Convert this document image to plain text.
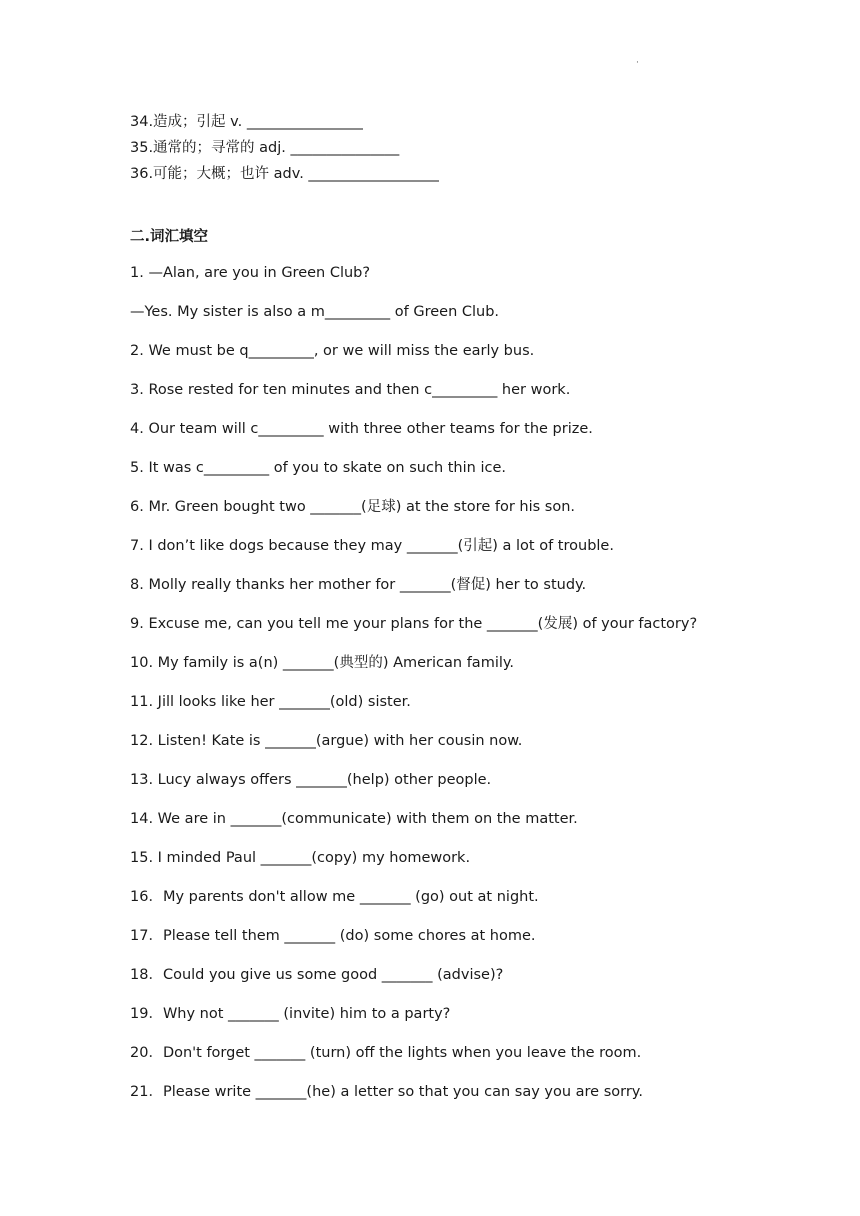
·
34.造成；引起 v. ________________
35.通常的；寻常的 adj. _______________
36.可能；大概；也许 adv. __________________
二.词汇填空
1. —Alan, are you in Green Club?
—Yes. My sister is also a m_________ of Green Club.
2. We must be q_________, or we will miss the early bus.
3. Rose rested for ten minutes and then c_________ her work.
4. Our team will c_________ with three other teams for the prize.
5. It was c_________ of you to skate on such thin ice.
6. Mr. Green bought two _______(足球) at the store for his son.
7. I don’t like dogs because they may _______(引起) a lot of trouble.
8. Molly really thanks her mother for _______(督促) her to study.
9. Excuse me, can you tell me your plans for the _______(发展) of your factory?
10. My family is a(n) _______(典型的) American family.
11. Jill looks like her _______(old) sister.
12. Listen! Kate is _______(argue) with her cousin now.
13. Lucy always offers _______(help) other people.
14. We are in _______(communicate) with them on the matter.
15. I minded Paul _______(copy) my homework.
16．My parents don't allow me _______ (go) out at night.
17．Please tell them _______ (do) some chores at home.
18．Could you give us some good _______ (advise)?
19．Why not _______ (invite) him to a party?
20．Don't forget _______ (turn) off the lights when you leave the room.
21．Please write _______(he) a letter so that you can say you are sorry.
